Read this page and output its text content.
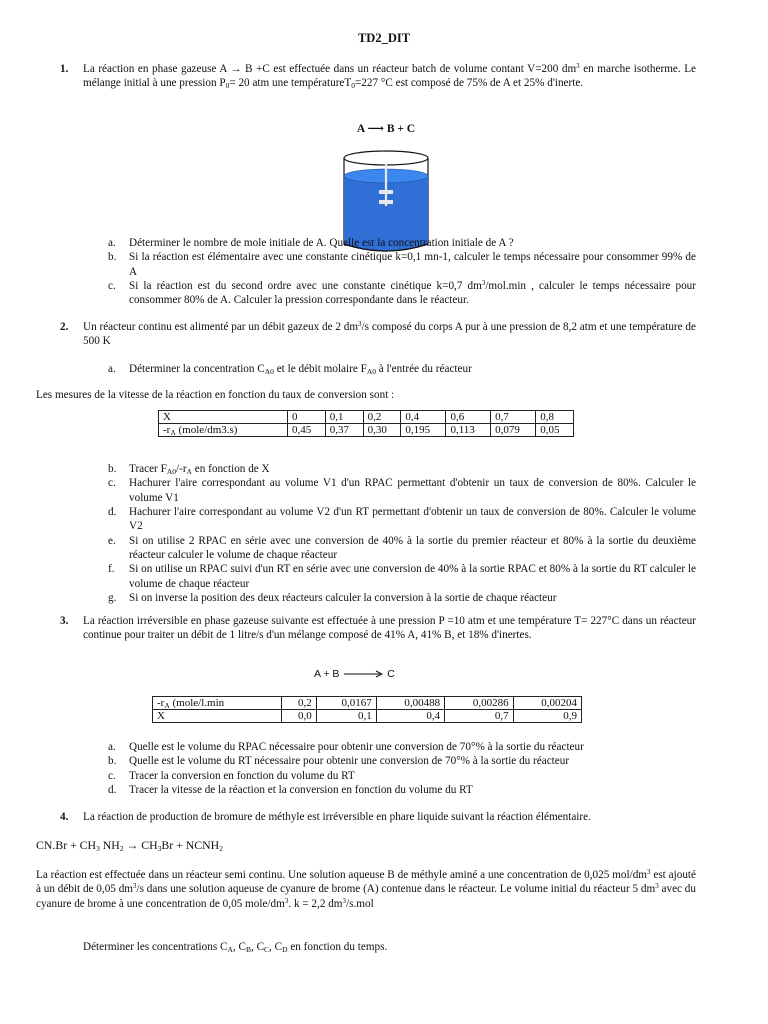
TD2_DIT
1. La réaction en phase gazeuse A → B +C est effectuée dans un réacteur batch de volume contant V=200 $dm^3$ en marche isotherme. Le mélange initial à une pression $P_0= 20$ atm une températureT$_0$=227 °C est composé de 75% de A et 25% d'inerte.
A ⟶ B + C
a. Déterminer le nombre de mole initiale de A. Quelle est la concentration initiale de A ?
b. Si la réaction est élémentaire avec une constante cinétique k=0,1 mn-1, calculer le temps nécessaire pour consommer 99% de A
c. Si la réaction est du second ordre avec une constante cinétique k=0,7 $dm^3/mol.\min$ , calculer le temps nécessaire pour consommer 80% de A. Calculer la pression correspondante dans le réacteur.
2. Un réacteur continu est alimenté par un débit gazeux de 2 $dm^3/s$ composé du corps A pur à une pression de 8,2 atm et une température de 500 K
a. Déterminer la concentration $C_{A0}$ et le débit molaire $F_{A0}$ à l'entrée du réacteur
Les mesures de la vitesse de la réaction en fonction du taux de conversion sont :
X	0	0,1	0,2	0,4	0,6	0,7	0,8
$-r_A$ (mole/dm3.s)	0,45	0,37	0,30	0,195	0,113	0,079	0,05
b. Tracer $F_{A0}/-r_A$ en fonction de X
c. Hachurer l'aire correspondant au volume V1 d'un RPAC permettant d'obtenir un taux de conversion de 80%. Calculer le volume V1
d. Hachurer l'aire correspondant au volume V2 d'un RT permettant d'obtenir un taux de conversion de 80%. Calculer le volume V2
e. Si on utilise 2 RPAC en série avec une conversion de 40% à la sortie du premier réacteur et 80% à la sortie du deuxième réacteur calculer le volume de chaque réacteur
f. Si on utilise un RPAC suivi d'un RT en série avec une conversion de 40% à la sortie RPAC et 80% à la sortie du RT calculer le volume de chaque réacteur
g. Si on inverse la position des deux réacteurs calculer la conversion à la sortie de chaque réacteur
3. La réaction irréversible en phase gazeuse suivante est effectuée à une pression P =10 atm et une température T= 227°C dans un réacteur continue pour traiter un débit de 1 litre/s d'un mélange composé de 41% A, 41% B, et 18% d'inertes.
A + B	C
$-r_A$ (mole/l.min	0,2	0,0167	0,00488	0,00286	0,00204
X	0,0	0,1	0,4	0,7	0,9
a. Quelle est le volume du RPAC nécessaire pour obtenir une conversion de 70°% à la sortie du réacteur
b. Quelle est le volume du RT nécessaire pour obtenir une conversion de 70°% à la sortie du réacteur
c. Tracer la conversion en fonction du volume du RT
d. Tracer la vitesse de la réaction et la conversion en fonction du volume du RT
4. La réaction de production de bromure de méthyle est irréversible en phare liquide suivant la réaction élémentaire.
$CN.Br + CH_3$ $NH_2 \to CH_3Br$ + $NCNH_2$
La réaction est effectuée dans un réacteur semi continu. Une solution aqueuse B de méthyle aminé a une concentration de 0,025 mol/$dm^3$ est ajouté à un débit de 0,05 $dm^3/s$ dans une solution aqueuse de cyanure de brome (A) contenue dans le réacteur. Le volume initial du réacteur 5 $dm^3$ avec du cyanure de brome à une concentration de 0,05 mole/$dm^3$. k = 2,2 $dm^3/s.mol$
Déterminer les concentrations $C_A$, $C_B$, $C_C$, $C_D$ en fonction du temps.
